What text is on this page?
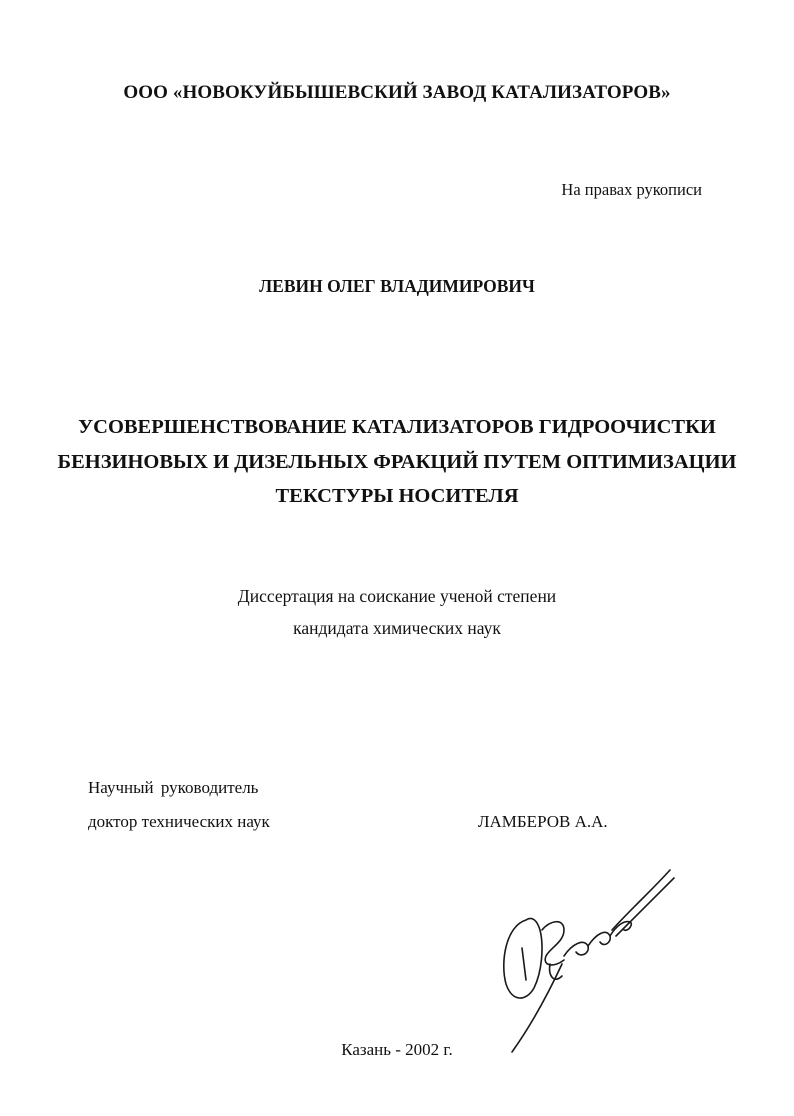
ООО «НОВОКУЙБЫШЕВСКИЙ ЗАВОД КАТАЛИЗАТОРОВ»

На правах рукописи

ЛЕВИН ОЛЕГ ВЛАДИМИРОВИЧ

УСОВЕРШЕНСТВОВАНИЕ КАТАЛИЗАТОРОВ ГИДРООЧИСТКИ
БЕНЗИНОВЫХ И ДИЗЕЛЬНЫХ ФРАКЦИЙ ПУТЕМ ОПТИМИЗАЦИИ
ТЕКСТУРЫ НОСИТЕЛЯ
Диссертация на соискание ученой степени
кандидата химических наук

Научный руководитель

доктор технических наук	ЛАМБЕРОВ А.А.

Казань - 2002 г.
